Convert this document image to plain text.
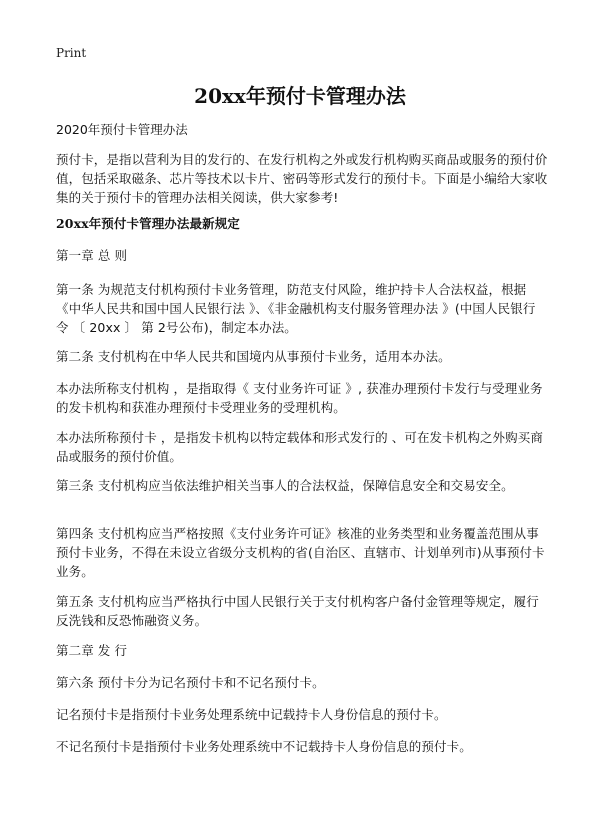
Print
20xx年预付卡管理办法
2020年预付卡管理办法
预付卡，是指以营利为目的发行的、在发行机构之外或发行机构购买商品或服务的预付价值，包括采取磁条、芯片等技术以卡片、密码等形式发行的预付卡。下面是小编给大家收集的关于预付卡的管理办法相关阅读，供大家参考!
20xx年预付卡管理办法最新规定
第一章 总 则
第一条 为规范支付机构预付卡业务管理，防范支付风险，维护持卡人合法权益，根据《中华人民共和国中国人民银行法 》、《非金融机构支付服务管理办法 》(中国人民银行令 〔 20xx 〕 第 2号公布)，制定本办法。
第二条 支付机构在中华人民共和国境内从事预付卡业务，适用本办法。
本办法所称支付机构 ，是指取得《 支付业务许可证 》, 获准办理预付卡发行与受理业务的发卡机构和获准办理预付卡受理业务的受理机构。
本办法所称预付卡 ，是指发卡机构以特定载体和形式发行的 、可在发卡机构之外购买商品或服务的预付价值。
第三条 支付机构应当依法维护相关当事人的合法权益，保障信息安全和交易安全。
第四条 支付机构应当严格按照《支付业务许可证》核准的业务类型和业务覆盖范围从事预付卡业务，不得在未设立省级分支机构的省(自治区、直辖市、计划单列市)从事预付卡业务。
第五条 支付机构应当严格执行中国人民银行关于支付机构客户备付金管理等规定，履行反洗钱和反恐怖融资义务。
第二章 发 行
第六条 预付卡分为记名预付卡和不记名预付卡。
记名预付卡是指预付卡业务处理系统中记载持卡人身份信息的预付卡。
不记名预付卡是指预付卡业务处理系统中不记载持卡人身份信息的预付卡。
